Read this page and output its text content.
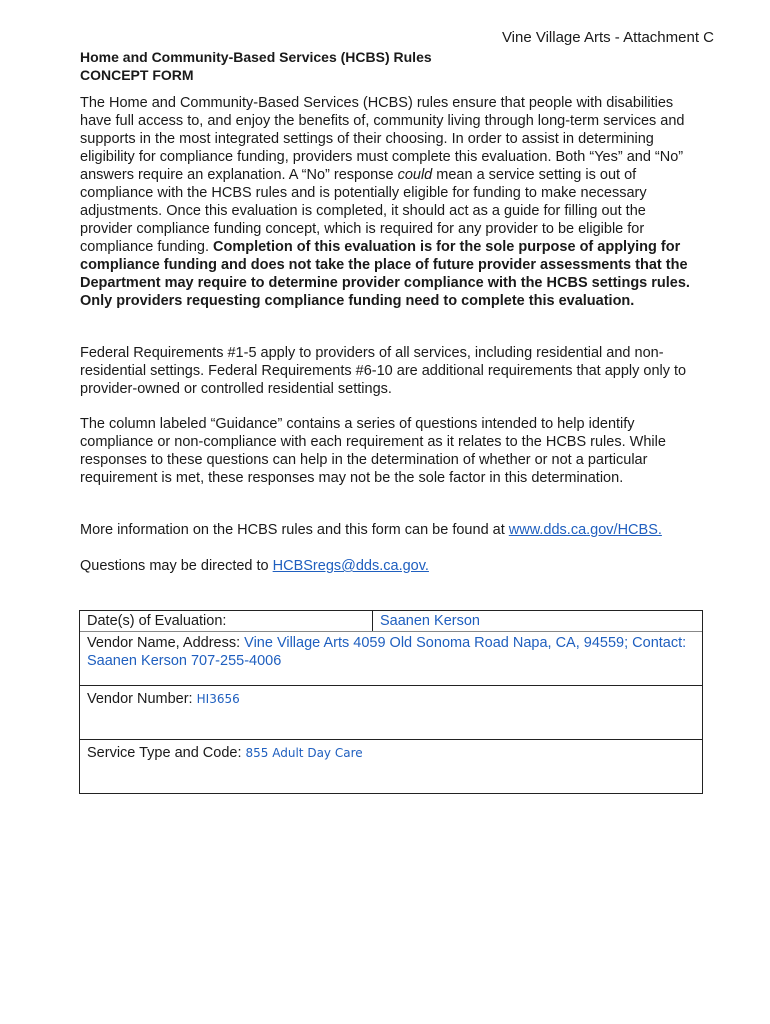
Vine Village Arts - Attachment C
Home and Community-Based Services (HCBS) Rules
CONCEPT FORM

The Home and Community-Based Services (HCBS) rules ensure that people with disabilities have full access to, and enjoy the benefits of, community living through long-term services and supports in the most integrated settings of their choosing. In order to assist in determining eligibility for compliance funding, providers must complete this evaluation. Both “Yes” and “No” answers require an explanation. A “No” response could mean a service setting is out of compliance with the HCBS rules and is potentially eligible for funding to make necessary adjustments. Once this evaluation is completed, it should act as a guide for filling out the provider compliance funding concept, which is required for any provider to be eligible for compliance funding. Completion of this evaluation is for the sole purpose of applying for compliance funding and does not take the place of future provider assessments that the Department may require to determine provider compliance with the HCBS settings rules. Only providers requesting compliance funding need to complete this evaluation.

Federal Requirements #1-5 apply to providers of all services, including residential and non-residential settings. Federal Requirements #6-10 are additional requirements that apply only to provider-owned or controlled residential settings.

The column labeled “Guidance” contains a series of questions intended to help identify compliance or non-compliance with each requirement as it relates to the HCBS rules. While responses to these questions can help in the determination of whether or not a particular requirement is met, these responses may not be the sole factor in this determination.

More information on the HCBS rules and this form can be found at www.dds.ca.gov/HCBS.

Questions may be directed to HCBSregs@dds.ca.gov.

Date(s) of Evaluation:	Saanen Kerson
Vendor Name, Address: Vine Village Arts 4059 Old Sonoma Road Napa, CA, 94559; Contact: Saanen Kerson 707-255-4006
Vendor Number: HI3656
Service Type and Code: 855 Adult Day Care
